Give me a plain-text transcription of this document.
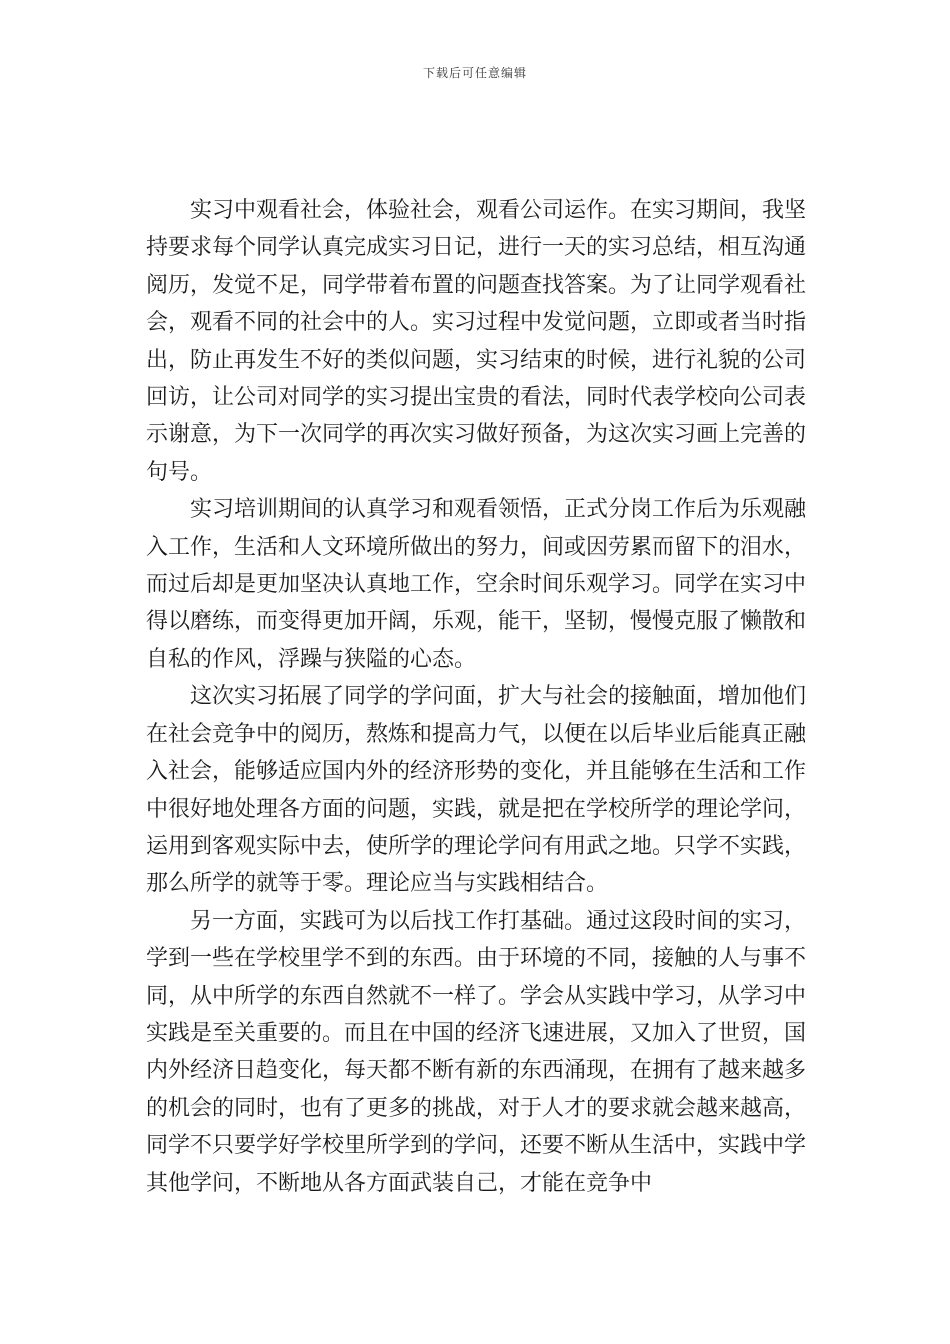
下载后可任意编辑

实习中观看社会，体验社会，观看公司运作。在实习期间，我坚持要求每个同学认真完成实习日记，进行一天的实习总结，相互沟通阅历，发觉不足，同学带着布置的问题查找答案。为了让同学观看社会，观看不同的社会中的人。实习过程中发觉问题，立即或者当时指出，防止再发生不好的类似问题，实习结束的时候，进行礼貌的公司回访，让公司对同学的实习提出宝贵的看法，同时代表学校向公司表示谢意，为下一次同学的再次实习做好预备，为这次实习画上完善的句号。

实习培训期间的认真学习和观看领悟，正式分岗工作后为乐观融入工作，生活和人文环境所做出的努力，间或因劳累而留下的泪水，而过后却是更加坚决认真地工作，空余时间乐观学习。同学在实习中得以磨练，而变得更加开阔，乐观，能干，坚韧，慢慢克服了懒散和自私的作风，浮躁与狭隘的心态。

这次实习拓展了同学的学问面，扩大与社会的接触面，增加他们在社会竞争中的阅历，熬炼和提高力气，以便在以后毕业后能真正融入社会，能够适应国内外的经济形势的变化，并且能够在生活和工作中很好地处理各方面的问题，实践，就是把在学校所学的理论学问，运用到客观实际中去，使所学的理论学问有用武之地。只学不实践，那么所学的就等于零。理论应当与实践相结合。

另一方面，实践可为以后找工作打基础。通过这段时间的实习，学到一些在学校里学不到的东西。由于环境的不同，接触的人与事不同，从中所学的东西自然就不一样了。学会从实践中学习，从学习中实践是至关重要的。而且在中国的经济飞速进展，又加入了世贸，国内外经济日趋变化，每天都不断有新的东西涌现，在拥有了越来越多的机会的同时，也有了更多的挑战，对于人才的要求就会越来越高，同学不只要学好学校里所学到的学问，还要不断从生活中，实践中学其他学问，不断地从各方面武装自己，才能在竞争中
